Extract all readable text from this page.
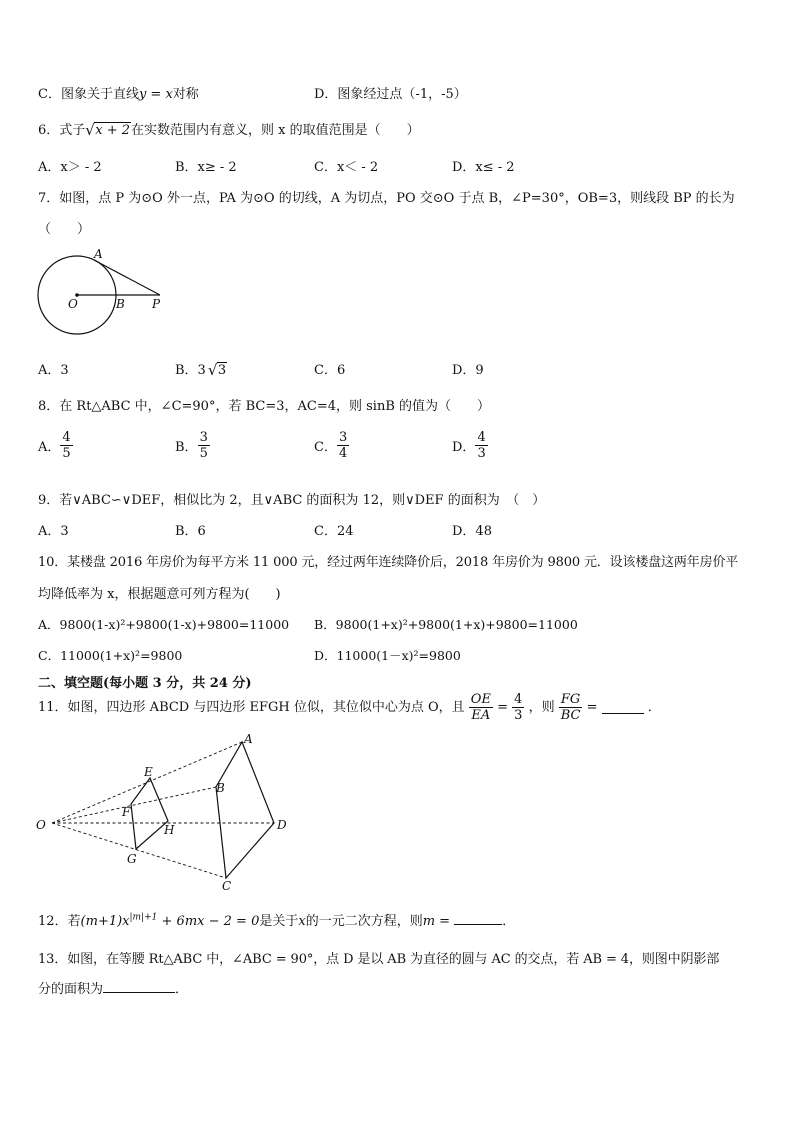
C．图象关于直线y = x对称	D．图象经过点（-1，-5）
6．式子 √ x + 2在实数范围内有意义，则 x 的取值范围是（　　）
A．x＞ - 2	B．x≥ - 2	C．x＜ - 2	D．x≤ - 2
7．如图，点 P 为⊙O 外一点，PA 为⊙O 的切线，A 为切点，PO 交⊙O 于点 B，∠P=30°，OB=3，则线段 BP 的长为
（　　）
A
O	B P
A．3	B．3 √ 3	C．6	D．9
8．在 Rt△ABC 中，∠C=90°，若 BC=3，AC=4，则 sinB 的值为（　　）
A． $\frac{4}{5}$	B． $\frac{3}{5}$	C． $\frac{3}{4}$	D． $\frac{4}{3}$
9．若∨ABC∽∨DEF，相似比为 2，且∨ABC 的面积为 12，则∨DEF 的面积为　（　）
A．3	B．6	C．24	D．48
10．某楼盘 2016 年房价为每平方米 11 000 元，经过两年连续降价后，2018 年房价为 9800 元．设该楼盘这两年房价平
均降低率为 x，根据题意可列方程为(　　)
A．9800(1-x)²+9800(1-x)+9800=11000 B．9800(1+x)²+9800(1+x)+9800=11000
C．11000(1+x)²=9800	D．11000(1－x)²=9800
二、填空题(每小题 3 分，共 24 分)
11．如图，四边形 ABCD 与四边形 EFGH 位似，其位似中心为点 O，且 $\frac{OE}{EA} = \frac{4}{3}$ ，则 $\frac{FG}{BC}$ =	．
A
B
C
D
E
F
G
H
O
12．若$(m+1)x^{|m|+1} + 6mx - 2 = 0$是关于x的一元二次方程，则m =	．
13．如图，在等腰 Rt△ABC 中，∠ABC = 90°，点 D 是以 AB 为直径的圆与 AC 的交点，若 AB = 4，则图中阴影部
分的面积为	．
